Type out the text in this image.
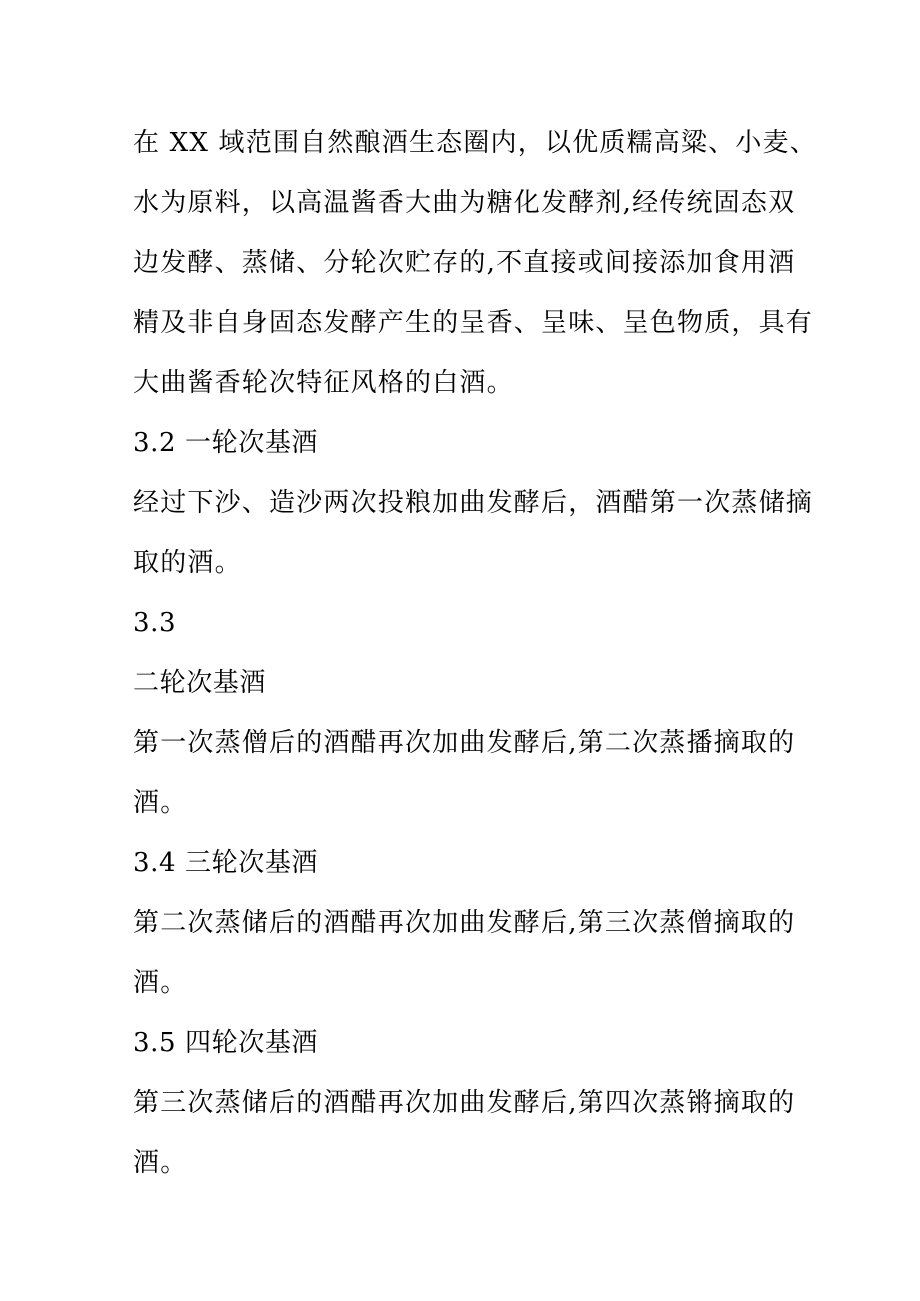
在 XX 域范围自然酿酒生态圈内，以优质糯高粱、小麦、
水为原料，以高温酱香大曲为糖化发酵剂,经传统固态双
边发酵、蒸储、分轮次贮存的,不直接或间接添加食用酒
精及非自身固态发酵产生的呈香、呈味、呈色物质，具有
大曲酱香轮次特征风格的白酒。
3.2 一轮次基酒
经过下沙、造沙两次投粮加曲发酵后，酒醋第一次蒸储摘
取的酒。
3.3
二轮次基酒
第一次蒸僧后的酒醋再次加曲发酵后,第二次蒸播摘取的
酒。
3.4 三轮次基酒
第二次蒸储后的酒醋再次加曲发酵后,第三次蒸僧摘取的
酒。
3.5 四轮次基酒
第三次蒸储后的酒醋再次加曲发酵后,第四次蒸锵摘取的
酒。
